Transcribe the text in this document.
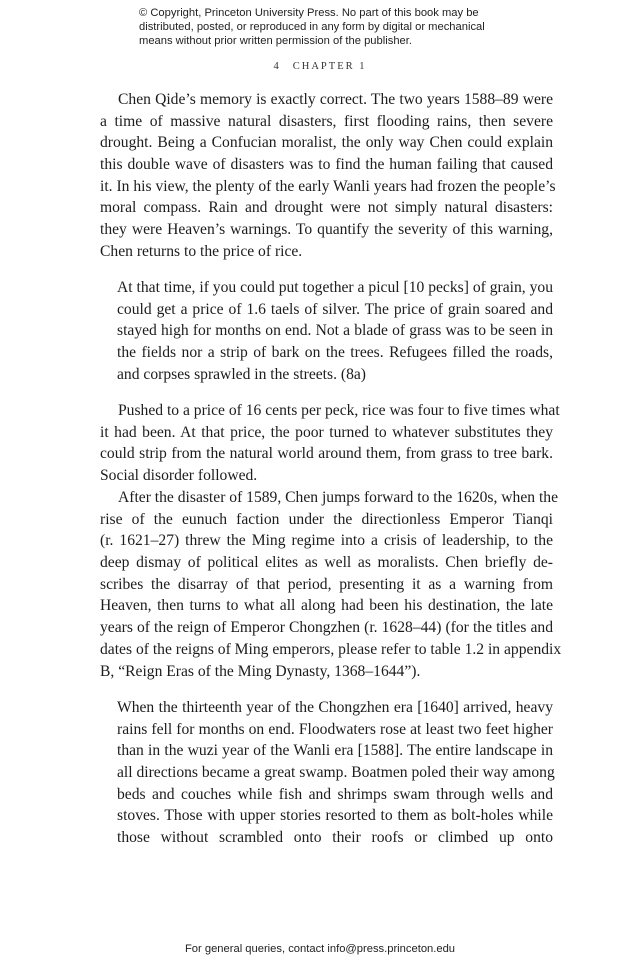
© Copyright, Princeton University Press. No part of this book may be
distributed, posted, or reproduced in any form by digital or mechanical
means without prior written permission of the publisher.
4 CHAPTER 1
Chen Qide’s memory is exactly correct. The two years 1588–89 were
a time of massive natural disasters, first flooding rains, then severe
drought. Being a Confucian moralist, the only way Chen could explain
this double wave of disasters was to find the human failing that caused
it. In his view, the plenty of the early Wanli years had frozen the people’s
moral compass. Rain and drought were not simply natural disasters:
they were Heaven’s warnings. To quantify the severity of this warning,
Chen returns to the price of rice.
At that time, if you could put together a picul [10 pecks] of grain, you
could get a price of 1.6 taels of silver. The price of grain soared and
stayed high for months on end. Not a blade of grass was to be seen in
the fields nor a strip of bark on the trees. Refugees filled the roads,
and corpses sprawled in the streets. (8a)
Pushed to a price of 16 cents per peck, rice was four to five times what
it had been. At that price, the poor turned to whatever substitutes they
could strip from the natural world around them, from grass to tree bark.
Social disorder followed.
After the disaster of 1589, Chen jumps forward to the 1620s, when the
rise of the eunuch faction under the directionless Emperor Tianqi
(r. 1621–27) threw the Ming regime into a crisis of leadership, to the
deep dismay of political elites as well as moralists. Chen briefly de-
scribes the disarray of that period, presenting it as a warning from
Heaven, then turns to what all along had been his destination, the late
years of the reign of Emperor Chongzhen (r. 1628–44) (for the titles and
dates of the reigns of Ming emperors, please refer to table 1.2 in appendix
B, “Reign Eras of the Ming Dynasty, 1368–1644”).
When the thirteenth year of the Chongzhen era [1640] arrived, heavy
rains fell for months on end. Floodwaters rose at least two feet higher
than in the wuzi year of the Wanli era [1588]. The entire landscape in
all directions became a great swamp. Boatmen poled their way among
beds and couches while fish and shrimps swam through wells and
stoves. Those with upper stories resorted to them as bolt-holes while
those without scrambled onto their roofs or climbed up onto
For general queries, contact info@press.princeton.edu
